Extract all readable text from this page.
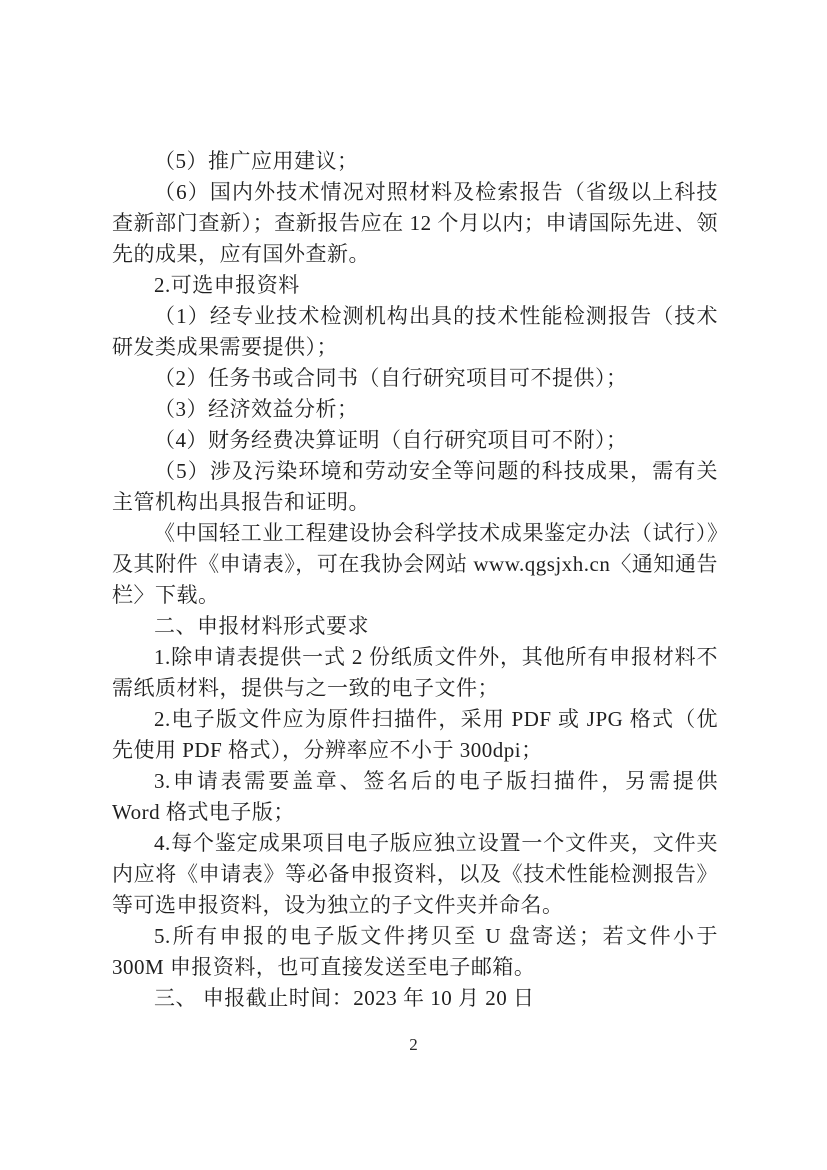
（5）推广应用建议；

（6）国内外技术情况对照材料及检索报告（省级以上科技查新部门查新）；查新报告应在 12 个月以内；申请国际先进、领先的成果，应有国外查新。

2.可选申报资料

（1）经专业技术检测机构出具的技术性能检测报告（技术研发类成果需要提供）；

（2）任务书或合同书（自行研究项目可不提供）；

（3）经济效益分析；

（4）财务经费决算证明（自行研究项目可不附）；

（5）涉及污染环境和劳动安全等问题的科技成果，需有关主管机构出具报告和证明。

《中国轻工业工程建设协会科学技术成果鉴定办法（试行）》及其附件《申请表》，可在我协会网站 www.qgsjxh.cn〈通知通告栏〉下载。

二、申报材料形式要求

1.除申请表提供一式 2 份纸质文件外，其他所有申报材料不需纸质材料，提供与之一致的电子文件；

2.电子版文件应为原件扫描件，采用 PDF 或 JPG 格式（优先使用 PDF 格式），分辨率应不小于 300dpi；

3.申请表需要盖章、签名后的电子版扫描件，另需提供 Word 格式电子版；

4.每个鉴定成果项目电子版应独立设置一个文件夹，文件夹内应将《申请表》等必备申报资料，以及《技术性能检测报告》等可选申报资料，设为独立的子文件夹并命名。

5.所有申报的电子版文件拷贝至 U 盘寄送；若文件小于 300M 申报资料，也可直接发送至电子邮箱。

三、 申报截止时间：2023 年 10 月 20 日

2
